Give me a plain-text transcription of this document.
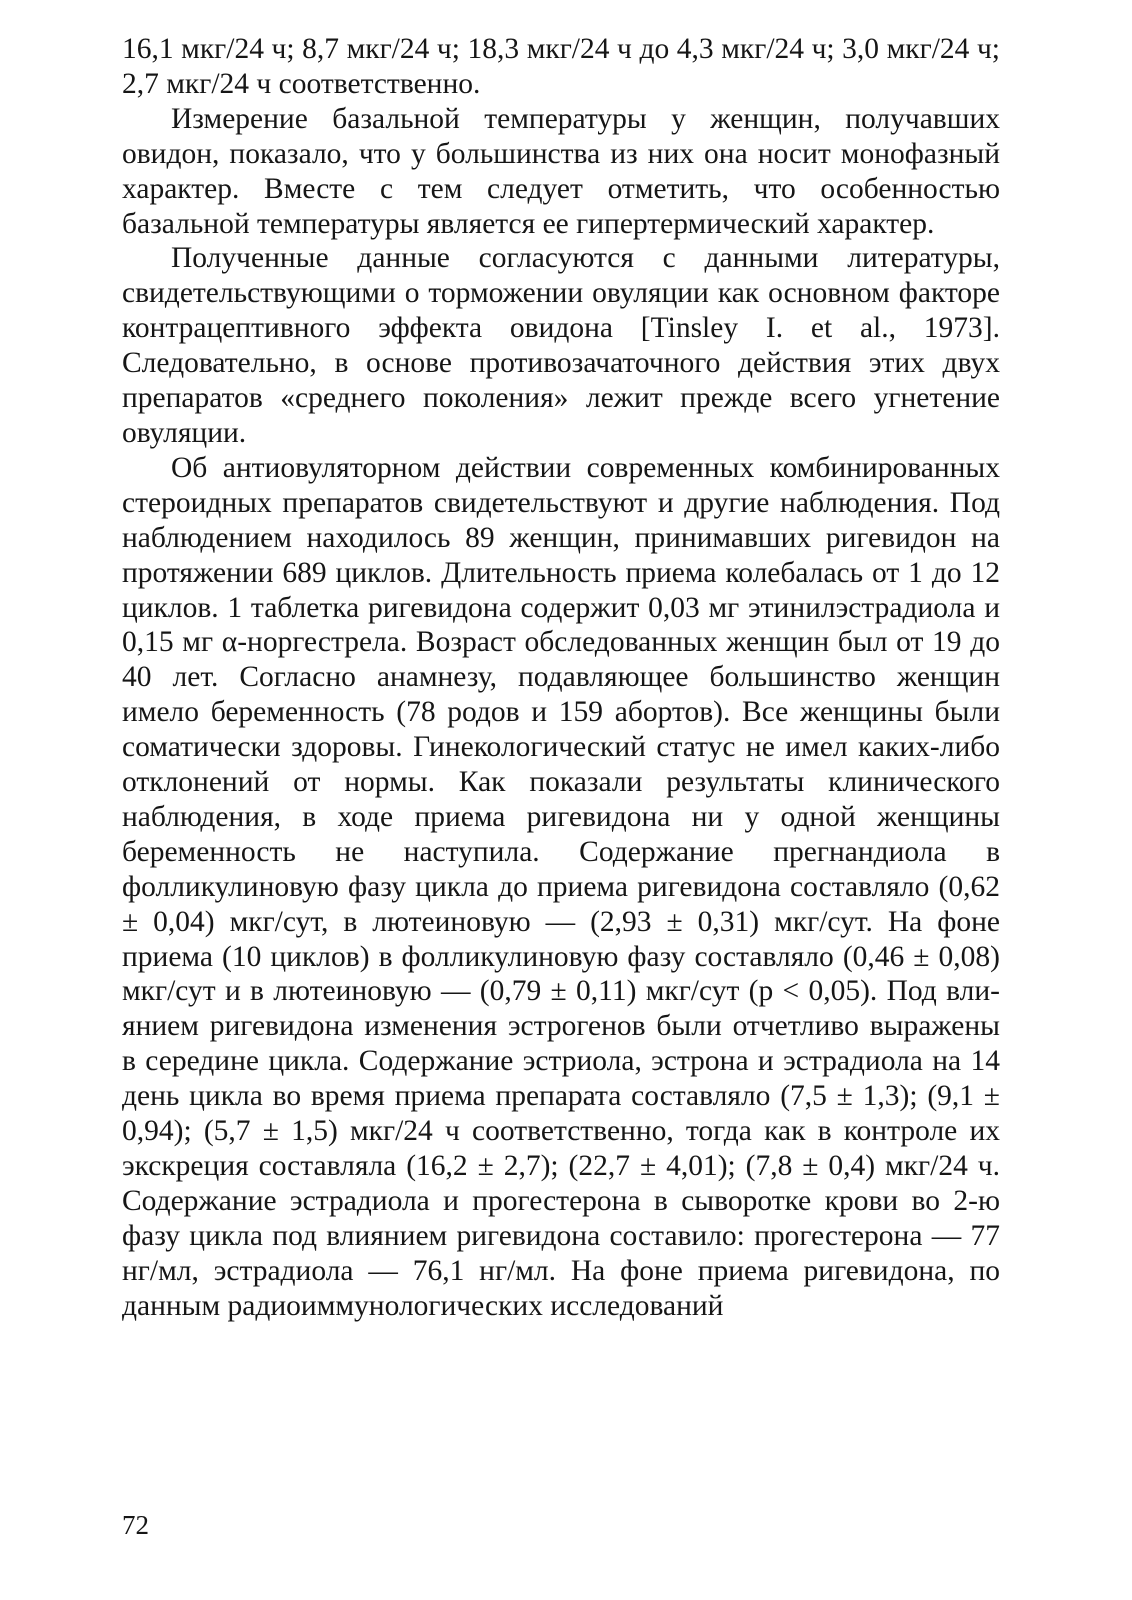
16,1 мкг/24 ч; 8,7 мкг/24 ч; 18,3 мкг/24 ч до 4,3 мкг/24 ч; 3,0 мкг/24 ч; 2,7 мкг/24 ч соответственно.

Измерение базальной температуры у женщин, получавших овидон, показало, что у большинства из них она носит монофазный характер. Вместе с тем следует отметить, что особенностью базальной температуры является ее гипертермический характер.

Полученные данные согласуются с данными литературы, свидетельствующими о торможении овуляции как основном факторе контрацептивного эффекта овидона [Tinsley I. et al., 1973]. Следовательно, в основе противозачаточного действия этих двух препаратов «среднего поколения» лежит прежде всего угнетение овуляции.

Об антиовуляторном действии современных комбинированных стероидных препаратов свидетельствуют и другие наблюдения. Под наблюдением находилось 89 женщин, принимавших ригевидон на протяжении 689 циклов. Длительность приема колебалась от 1 до 12 циклов. 1 таблетка ригевидона содержит 0,03 мг этинилэстрадиола и 0,15 мг α-норгестрела. Возраст обследованных женщин был от 19 до 40 лет. Согласно анамнезу, подавляющее большинство женщин имело беременность (78 родов и 159 абортов). Все женщины были соматически здоровы. Гинекологический статус не имел каких-либо отклонений от нормы. Как показали результаты клинического наблюдения, в ходе приема ригевидона ни у одной женщины беременность не наступила. Содержание прегнандиола в фолликулиновую фазу цикла до приема ригевидона составляло (0,62 ± 0,04) мкг/сут, в лютеиновую — (2,93 ± 0,31) мкг/сут. На фоне приема (10 циклов) в фолликулиновую фазу составляло (0,46 ± 0,08) мкг/сут и в лютеиновую — (0,79 ± 0,11) мкг/сут (p < 0,05). Под влиянием ригевидона изменения эстрогенов были отчетливо выражены в середине цикла. Содержание эстриола, эстрона и эстрадиола на 14 день цикла во время приема препарата составляло (7,5 ± 1,3); (9,1 ± 0,94); (5,7 ± 1,5) мкг/24 ч соответственно, тогда как в контроле их экскреция составляла (16,2 ± 2,7); (22,7 ± 4,01); (7,8 ± 0,4) мкг/24 ч. Содержание эстрадиола и прогестерона в сыворотке крови во 2-ю фазу цикла под влиянием ригевидона составило: прогестерона — 77 нг/мл, эстрадиола — 76,1 нг/мл. На фоне приема ригевидона, по данным радиоиммунологических исследований

72
